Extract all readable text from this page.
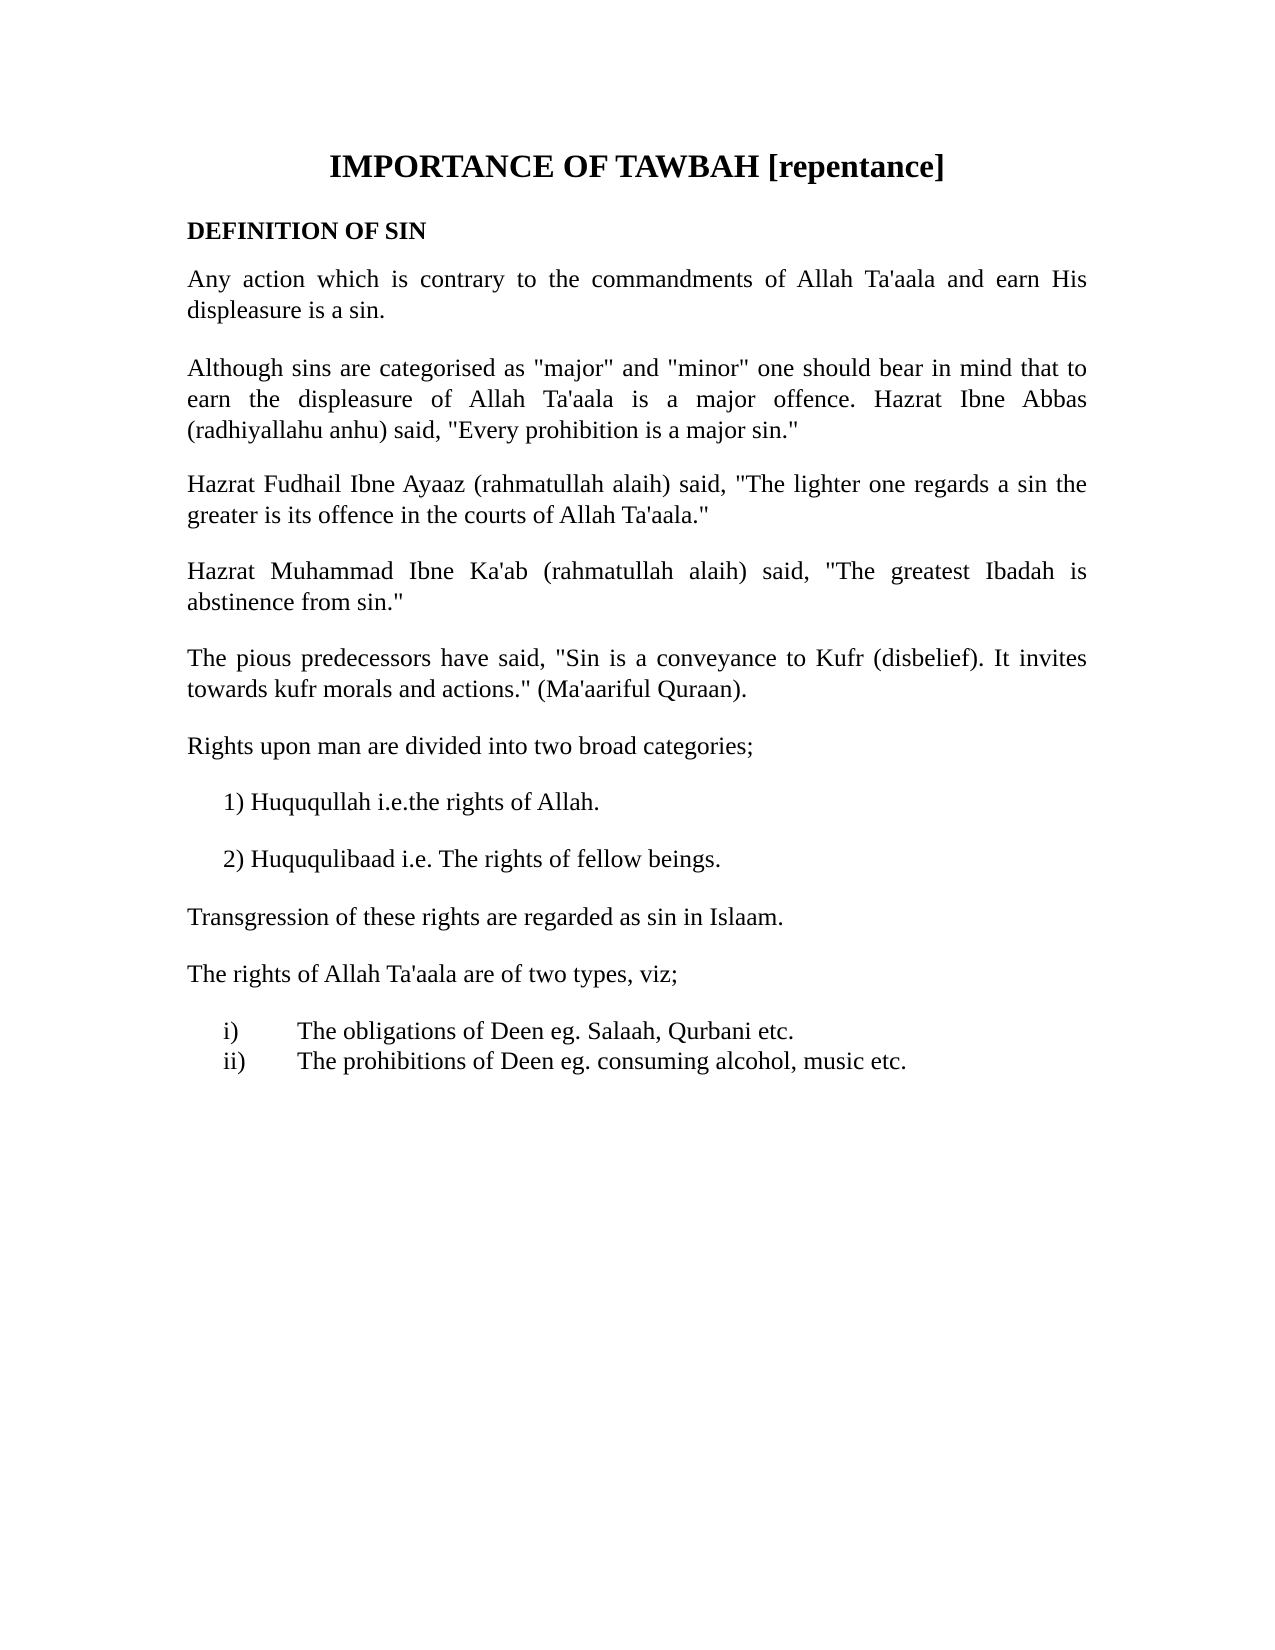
IMPORTANCE OF TAWBAH [repentance]
DEFINITION OF SIN

Any action which is contrary to the commandments of Allah Ta'aala and earn His displeasure is a sin.

Although sins are categorised as "major" and "minor" one should bear in mind that to earn the displeasure of Allah Ta'aala is a major offence. Hazrat Ibne Abbas (radhiyallahu anhu) said, "Every prohibition is a major sin."

Hazrat Fudhail Ibne Ayaaz (rahmatullah alaih) said, "The lighter one regards a sin the greater is its offence in the courts of Allah Ta'aala."

Hazrat Muhammad Ibne Ka'ab (rahmatullah alaih) said, "The greatest Ibadah is abstinence from sin."

The pious predecessors have said, "Sin is a conveyance to Kufr (disbelief). It invites towards kufr morals and actions." (Ma'aariful Quraan).

Rights upon man are divided into two broad categories;

1) Huququllah i.e.the rights of Allah.

2) Huququlibaad i.e. The rights of fellow beings.

Transgression of these rights are regarded as sin in Islaam.

The rights of Allah Ta'aala are of two types, viz;

i) The obligations of Deen eg. Salaah, Qurbani etc.
ii) The prohibitions of Deen eg. consuming alcohol, music etc.
